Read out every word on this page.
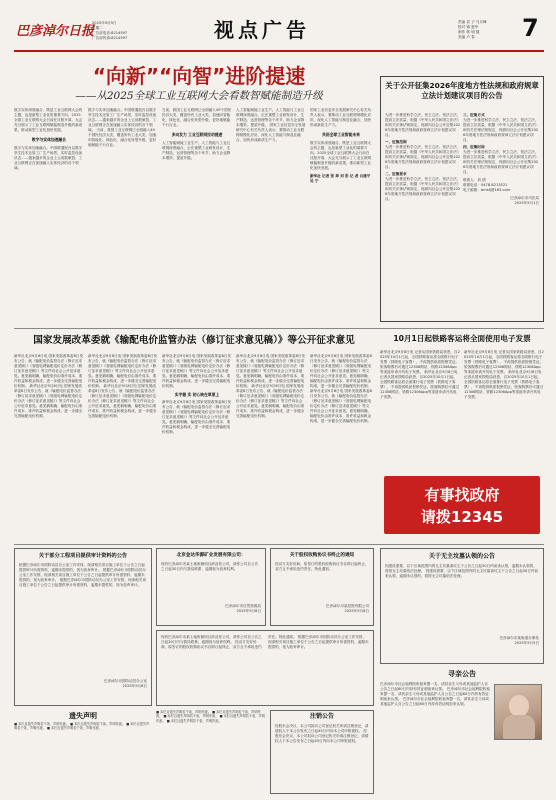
巴彦淖尔日报
2025年9月9日
星期二
广告部电话:8214597
广告部传真:8214597	视点广告	责编 袁 子 马月峰
校对 锦 惠华
制作 郭 明 健
美编 卢 春	7
“向新”“向智”进阶提速
——从2025全球工业互联网大会看数智赋能制造升级
数字实体深度融合，既是工业互联网大会的主题，也是新型工业化的重要方向。2025全球工业互联网大会日前在沈阳开幕，大会充分展示了工业互联网赋能制造升级的新成果，推动新型工业化加快发展。
数字与实体加速融合
数字与实体加速融合。中国联通展台以数字孪生技术还原工厂生产场景，实时监控设备状态……越来越多的企业上云用数赋智，工业互联网正在加速融入实体经济的各个领域。
数字与实体加速融合。中国联通展台以数字孪生技术还原工厂生产场景，实时监控设备状态……越来越多的企业上云用数赋智，工业互联网正在加速融入实体经济的各个领域。 当前，我国工业互联网已全面融入49个国民经济大类，覆盖所有工业大类，加速向智能化、绿色化、融合化转型升级，更好地赋能千行百业。
当前，我国工业互联网已全面融入49个国民经济大类，覆盖所有工业大类，加速向智能化、绿色化、融合化转型升级，更好地赋能千行百业。
多向发力 工业互联网拉动提速
人工智能赋能工业生产。人工智能与工业互联网深度融合，正在重塑工业研发设计、生产制造、运营管理等各个环节，助力企业降本增效、提质升级。
人工智能赋能工业生产。人工智能与工业互联网深度融合，正在重塑工业研发设计、生产制造、运营管理等各个环节，助力企业降本增效、提质升级。 国家工业信息安全发展研究中心有关负责人表示，要推动工业互联网规模化应用，深化人工智能与制造业融合，加快形成新质生产力。
国家工业信息安全发展研究中心有关负责人表示，要推动工业互联网规模化应用，深化人工智能与制造业融合，加快形成新质生产力。
共创全球工业智能未来
数字实体深度融合，既是工业互联网大会的主题，也是新型工业化的重要方向。2025全球工业互联网大会日前在沈阳开幕，大会充分展示了工业互联网赋能制造升级的新成果，推动新型工业化加快发展。
新华社 记者 张 坤 刘 彤 记 者 白建平 吴 宁
关于公开征集2026年度地方性法规和政府规章立法计划建议项目的公告
为进一步推进科学立法、民主立法、依法立法，提高立法质量，根据《中华人民共和国立法法》和有关法律法规规定，现面向社会公开征集2026年度地方性法规和政府规章立法计划建议项目。
一、征集范围
为进一步推进科学立法、民主立法、依法立法，提高立法质量，根据《中华人民共和国立法法》和有关法律法规规定，现面向社会公开征集2026年度地方性法规和政府规章立法计划建议项目。
二、征集要求
为进一步推进科学立法、民主立法、依法立法，提高立法质量，根据《中华人民共和国立法法》和有关法律法规规定，现面向社会公开征集2026年度地方性法规和政府规章立法计划建议项目。
三、征集方式
为进一步推进科学立法、民主立法、依法立法，提高立法质量，根据《中华人民共和国立法法》和有关法律法规规定，现面向社会公开征集2026年度地方性法规和政府规章立法计划建议项目。
四、征集时间
为进一步推进科学立法、民主立法、依法立法，提高立法质量，根据《中华人民共和国立法法》和有关法律法规规定，现面向社会公开征集2026年度地方性法规和政府规章立法计划建议项目。
联系人：刘 倩
联系电话：0478-8213521
电子邮箱：bmsfj@163.com
巴彦淖尔市司法局
2025年9月1日
国家发展改革委就《输配电价监管办法（修订征求意见稿）》等公开征求意见
新华社北京9月8日电 国家发展改革委8日发布公告，就《输配电价监管办法（修订征求意见稿）》《省级电网输配电价定价办法（修订征求意见稿）》等文件向社会公开征求意见。意见稿明确，输配电价由准许成本、准许收益和税金构成，进一步健全完善输配电价机制。 新华社北京9月8日电 国家发展改革委8日发布公告，就《输配电价监管办法（修订征求意见稿）》《省级电网输配电价定价办法（修订征求意见稿）》等文件向社会公开征求意见。意见稿明确，输配电价由准许成本、准许收益和税金构成，进一步健全完善输配电价机制。
新华社北京9月8日电 国家发展改革委8日发布公告，就《输配电价监管办法（修订征求意见稿）》《省级电网输配电价定价办法（修订征求意见稿）》等文件向社会公开征求意见。意见稿明确，输配电价由准许成本、准许收益和税金构成，进一步健全完善输配电价机制。 新华社北京9月8日电 国家发展改革委8日发布公告，就《输配电价监管办法（修订征求意见稿）》《省级电网输配电价定价办法（修订征求意见稿）》等文件向社会公开征求意见。意见稿明确，输配电价由准许成本、准许收益和税金构成，进一步健全完善输配电价机制。
新华社北京9月8日电 国家发展改革委8日发布公告，就《输配电价监管办法（修订征求意见稿）》《省级电网输配电价定价办法（修订征求意见稿）》等文件向社会公开征求意见。意见稿明确，输配电价由准许成本、准许收益和税金构成，进一步健全完善输配电价机制。
实字据 实 初心映在草原上
新华社北京9月8日电 国家发展改革委8日发布公告，就《输配电价监管办法（修订征求意见稿）》《省级电网输配电价定价办法（修订征求意见稿）》等文件向社会公开征求意见。意见稿明确，输配电价由准许成本、准许收益和税金构成，进一步健全完善输配电价机制。
新华社北京9月8日电 国家发展改革委8日发布公告，就《输配电价监管办法（修订征求意见稿）》《省级电网输配电价定价办法（修订征求意见稿）》等文件向社会公开征求意见。意见稿明确，输配电价由准许成本、准许收益和税金构成，进一步健全完善输配电价机制。 新华社北京9月8日电 国家发展改革委8日发布公告，就《输配电价监管办法（修订征求意见稿）》《省级电网输配电价定价办法（修订征求意见稿）》等文件向社会公开征求意见。意见稿明确，输配电价由准许成本、准许收益和税金构成，进一步健全完善输配电价机制。
新华社北京9月8日电 国家发展改革委8日发布公告，就《输配电价监管办法（修订征求意见稿）》《省级电网输配电价定价办法（修订征求意见稿）》等文件向社会公开征求意见。意见稿明确，输配电价由准许成本、准许收益和税金构成，进一步健全完善输配电价机制。 新华社北京9月8日电 国家发展改革委8日发布公告，就《输配电价监管办法（修订征求意见稿）》《省级电网输配电价定价办法（修订征求意见稿）》等文件向社会公开征求意见。意见稿明确，输配电价由准许成本、准许收益和税金构成，进一步健全完善输配电价机制。
10月1日起铁路客运将全面使用电子发票
新华社北京9月8日电 记者从国家铁路局获悉，自2025年10月1日起，全国铁路客运将全面推行电子发票（铁路电子客票），不再提供纸质报销凭证。旅客购票后可通过12306网站、铁路12306App等渠道申请开具电子发票。 新华社北京9月8日电 记者从国家铁路局获悉，自2025年10月1日起，全国铁路客运将全面推行电子发票（铁路电子客票），不再提供纸质报销凭证。旅客购票后可通过12306网站、铁路12306App等渠道申请开具电子发票。
新华社北京9月8日电 记者从国家铁路局获悉，自2025年10月1日起，全国铁路客运将全面推行电子发票（铁路电子客票），不再提供纸质报销凭证。旅客购票后可通过12306网站、铁路12306App等渠道申请开具电子发票。 新华社北京9月8日电 记者从国家铁路局获悉，自2025年10月1日起，全国铁路客运将全面推行电子发票（铁路电子客票），不再提供纸质报销凭证。旅客购票后可通过12306网站、铁路12306App等渠道申请开具电子发票。
有事找政府
请拨12345
关于部分工程项目提供审计资料的公告
根据巴彦淖尔市国防动员办公室工作安排，现请相关项目施工单位于公告之日起提供审计所需资料，逾期未提供的，视为放弃审计。 根据巴彦淖尔市国防动员办公室工作安排，现请相关项目施工单位于公告之日起提供审计所需资料，逾期未提供的，视为放弃审计。 根据巴彦淖尔市国防动员办公室工作安排，现请相关项目施工单位于公告之日起提供审计所需资料，逾期未提供的，视为放弃审计。
巴彦淖尔市国防动员办公室
2025年9月8日
北京金达华源矿业发展有限公司：
现有巴彦淖尔市某土地收储项目涉及你公司，请你公司自公告之日起30日内与我局联系，逾期视为放弃权利。
巴彦淖尔市自然资源局
2025年9月8日
关于股权收购协议书终止的通知
经双方友好协商，原签订的股权收购协议书自即日起终止，双方互不承担违约责任。特此通知。
巴彦淖尔市某投资有限公司
2025年9月8日
现有巴彦淖尔市某土地收储项目涉及你公司，请你公司自公告之日起30日内与我局联系，逾期视为放弃权利。 经双方友好协商，原签订的股权收购协议书自即日起终止，双方互不承担违约责任。特此通知。 根据巴彦淖尔市国防动员办公室工作安排，现请相关项目施工单位于公告之日起提供审计所需资料，逾期未提供的，视为放弃审计。
关于无主坟墓认领的公告
因建设需要，以下区域范围内的无主坟墓请坟主于公告之日起30日内前来认领，逾期未认领的，将按无主坟墓依法处理。 因建设需要，以下区域范围内的无主坟墓请坟主于公告之日起30日内前来认领，逾期未认领的，将按无主坟墓依法处理。
巴彦淖尔市某街道办事处
2025年9月5日
遗失声明
■ 本栏目遗失声明若干条，声明作废。 ■ 本栏目遗失声明若干条，声明作废。 ■ 本栏目遗失声明若干条，声明作废。 ■ 本栏目遗失声明若干条，声明作废。
■ 本栏目遗失声明若干条，声明作废。 ■ 本栏目遗失声明若干条，声明作废。 ■ 本栏目遗失声明若干条，声明作废。 ■ 本栏目遗失声明若干条，声明作废。 ■ 本栏目遗失声明若干条，声明作废。
注销公告
经股东会决议，本公司拟向公司登记机关申请注销登记，请债权人于本公告发布之日起45日内向本公司申报债权。 经股东会决议，本公司拟向公司登记机关申请注销登记，请债权人于本公告发布之日起45日内向本公司申报债权。
寻亲公告
巴彦淖尔市社会福利院收留弃婴一名，请其亲生父母或其他监护人自公告之日起60日内持有效证明前来认领。 巴彦淖尔市社会福利院收留弃婴一名，请其亲生父母或其他监护人自公告之日起60日内持有效证明前来认领。 巴彦淖尔市社会福利院收留弃婴一名，请其亲生父母或其他监护人自公告之日起60日内持有效证明前来认领。
